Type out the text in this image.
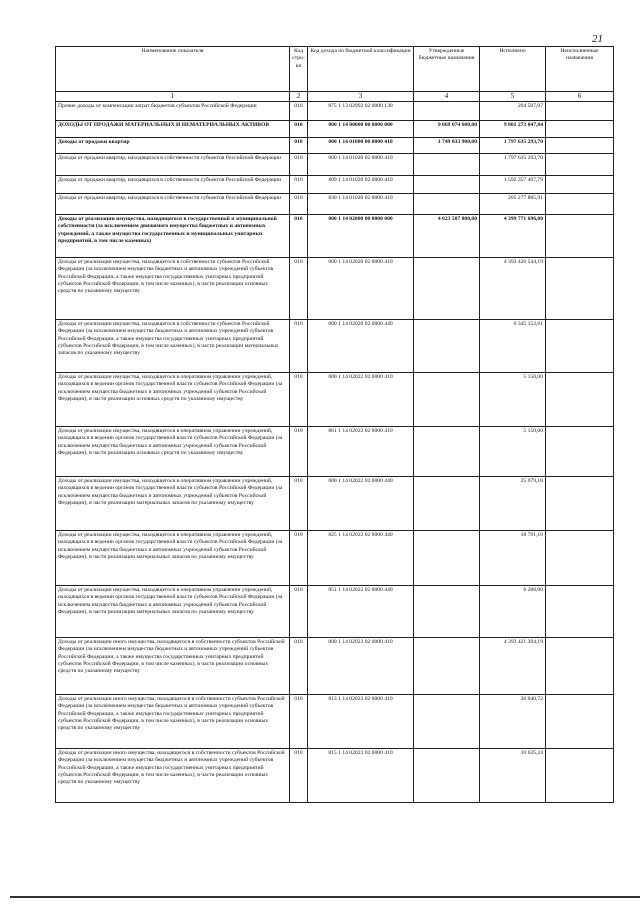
21
Наименование показателя	Код стро-ки	Код дохода по бюджетной классификации	Утвержденные бюджетные назначения	Исполнено	Неисполненные назначения
1	2	3	4	5	6
Прочие доходы от компенсации затрат бюджетов субъектов Российской Федерации	010	875 1 13 02992 02 0000 130		204 507,07	
ДОХОДЫ ОТ ПРОДАЖИ МАТЕРИАЛЬНЫХ И НЕМАТЕРИАЛЬНЫХ АКТИВОВ	010	000 1 14 00000 00 0000 000	9 069 074 600,00	9 801 273 047,84	
Доходы от продажи квартир	010	000 1 14 01000 00 0000 410	1 749 033 900,00	1 797 635 293,70	
Доходы от продажи квартир, находящихся в собственности субъектов Российской Федерации	010	000 1 14 01020 02 0000 410		1 797 635 293,70	
Доходы от продажи квартир, находящихся в собственности субъектов Российской Федерации	010	809 1 14 01020 02 0000 410		1 592 357 407,79	
Доходы от продажи квартир, находящихся в собственности субъектов Российской Федерации	010	830 1 14 01020 02 0000 410		205 277 885,91	
Доходы от реализации имущества, находящегося в государственной и муниципальной собственности (за исключением движимого имущества бюджетных и автономных учреждений, а также имущества государственных и муниципальных унитарных предприятий, в том числе казенных)	010	000 1 14 02000 00 0000 000	4 023 587 800,00	4 399 771 696,80	
Доходы от реализации имущества, находящегося в собственности субъектов Российской Федерации (за исключением имущества бюджетных и автономных учреждений субъектов Российской Федерации, а также имущества государственных унитарных предприятий субъектов Российской Федерации, в том числе казенных), в части реализации основных средств по указанному имуществу	010	000 1 14 02020 02 0000 410		4 393 426 544,19	
Доходы от реализации имущества, находящегося в собственности субъектов Российской Федерации (за исключением имущества бюджетных и автономных учреждений субъектов Российской Федерации, а также имущества государственных унитарных предприятий субъектов Российской Федерации, в том числе казенных), в части реализации материальных запасов по указанному имуществу	010	000 1 14 02020 02 0000 440		6 345 152,61	
Доходы от реализации имущества, находящегося в оперативном управлении учреждений, находящихся в ведении органов государственной власти субъектов Российской Федерации (за исключением имущества бюджетных и автономных учреждений субъектов Российской Федерации), в части реализации основных средств по указанному имуществу	010	000 1 14 02022 02 0000 410		5 150,00	
Доходы от реализации имущества, находящегося в оперативном управлении учреждений, находящихся в ведении органов государственной власти субъектов Российской Федерации (за исключением имущества бюджетных и автономных учреждений субъектов Российской Федерации), в части реализации основных средств по указанному имуществу	010	861 1 14 02022 02 0000 410		5 150,00	
Доходы от реализации имущества, находящегося в оперативном управлении учреждений, находящихся в ведении органов государственной власти субъектов Российской Федерации (за исключением имущества бюджетных и автономных учреждений субъектов Российской Федерации), в части реализации материальных запасов по указанному имуществу	010	000 1 14 02022 02 0000 440		25 079,10	
Доходы от реализации имущества, находящегося в оперативном управлении учреждений, находящихся в ведении органов государственной власти субъектов Российской Федерации (за исключением имущества бюджетных и автономных учреждений субъектов Российской Федерации), в части реализации материальных запасов по указанному имуществу	010	825 1 14 02022 02 0000 440		18 791,10	
Доходы от реализации имущества, находящегося в оперативном управлении учреждений, находящихся в ведении органов государственной власти субъектов Российской Федерации (за исключением имущества бюджетных и автономных учреждений субъектов Российской Федерации), в части реализации материальных запасов по указанному имуществу	010	851 1 14 02022 02 0000 440		6 288,00	
Доходы от реализации иного имущества, находящегося в собственности субъектов Российской Федерации (за исключением имущества бюджетных и автономных учреждений субъектов Российской Федерации, а также имущества государственных унитарных предприятий субъектов Российской Федерации, в том числе казенных), в части реализации основных средств по указанному имуществу	010	000 1 14 02023 02 0000 410		4 393 421 394,19	
Доходы от реализации иного имущества, находящегося в собственности субъектов Российской Федерации (за исключением имущества бюджетных и автономных учреждений субъектов Российской Федерации, а также имущества государственных унитарных предприятий субъектов Российской Федерации, в том числе казенных), в части реализации основных средств по указанному имуществу	010	813 1 14 02023 02 0000 410		26 040,72	
Доходы от реализации иного имущества, находящегося в собственности субъектов Российской Федерации (за исключением имущества бюджетных и автономных учреждений субъектов Российской Федерации, а также имущества государственных унитарных предприятий субъектов Российской Федерации, в том числе казенных), в части реализации основных средств по указанному имуществу	010	815 1 14 02023 02 0000 410		10 635,24	
